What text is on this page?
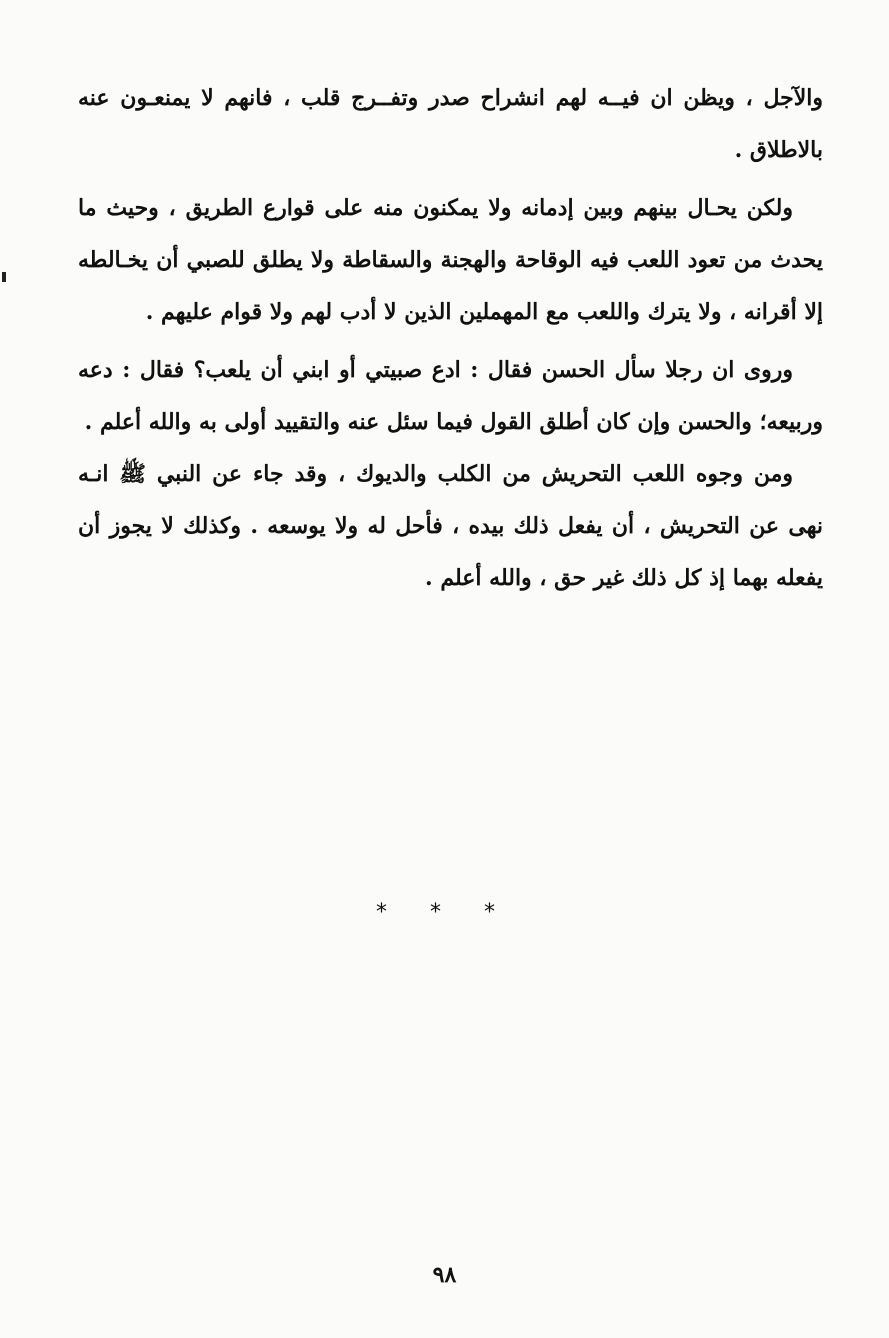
والآجل ، ويظن ان فيــه لهم انشراح صدر وتفــرج قلب ، فانهم لا يمنعـون عنه بالاطلاق .

ولكن يحـال بينهم وبين إدمانه ولا يمكنون منه على قوارع الطريق ، وحيث ما يحدث من تعود اللعب فيه الوقاحة والهجنة والسقاطة ولا يطلق للصبي أن يخـالطه إلا أقرانه ، ولا يترك واللعب مع المهملين الذين لا أدب لهم ولا قوام عليهم .

وروى ان رجلا سأل الحسن فقال : ادع صبيتي أو ابني أن يلعب؟ فقال : دعه وربيعه؛ والحسن وإن كان أطلق القول فيما سئل عنه والتقييد أولى به والله أعلم .

ومن وجوه اللعب التحريش من الكلب والديوك ، وقد جاء عن النبي ﷺ انـه نهى عن التحريش ، أن يفعل ذلك بيده ، فأحل له ولا يوسعه . وكذلك لا يجوز أن يفعله بهما إذ كل ذلك غير حق ، والله أعلم .

* * *
٩٨
